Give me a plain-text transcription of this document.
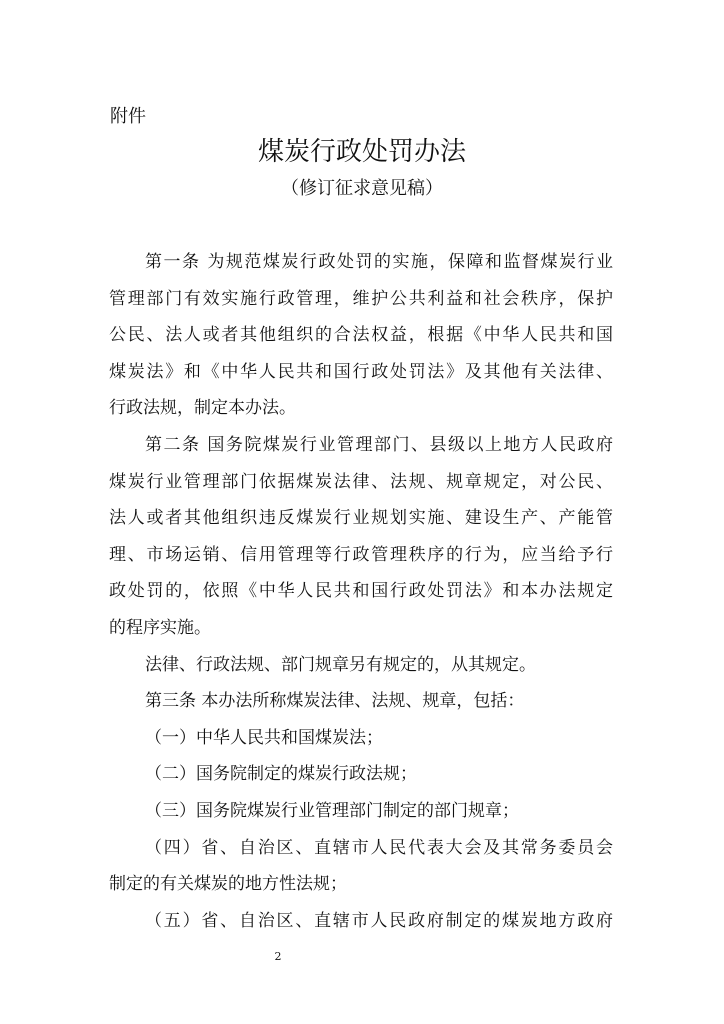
附件
煤炭行政处罚办法
（修订征求意见稿）
第一条 为规范煤炭行政处罚的实施，保障和监督煤炭行业
管理部门有效实施行政管理，维护公共利益和社会秩序，保护
公民、法人或者其他组织的合法权益，根据《中华人民共和国
煤炭法》和《中华人民共和国行政处罚法》及其他有关法律、
行政法规，制定本办法。
第二条 国务院煤炭行业管理部门、县级以上地方人民政府
煤炭行业管理部门依据煤炭法律、法规、规章规定，对公民、
法人或者其他组织违反煤炭行业规划实施、建设生产、产能管
理、市场运销、信用管理等行政管理秩序的行为，应当给予行
政处罚的，依照《中华人民共和国行政处罚法》和本办法规定
的程序实施。
法律、行政法规、部门规章另有规定的，从其规定。
第三条 本办法所称煤炭法律、法规、规章，包括：
（一）中华人民共和国煤炭法；
（二）国务院制定的煤炭行政法规；
（三）国务院煤炭行业管理部门制定的部门规章；
（四）省、自治区、直辖市人民代表大会及其常务委员会
制定的有关煤炭的地方性法规；
（五）省、自治区、直辖市人民政府制定的煤炭地方政府
2
